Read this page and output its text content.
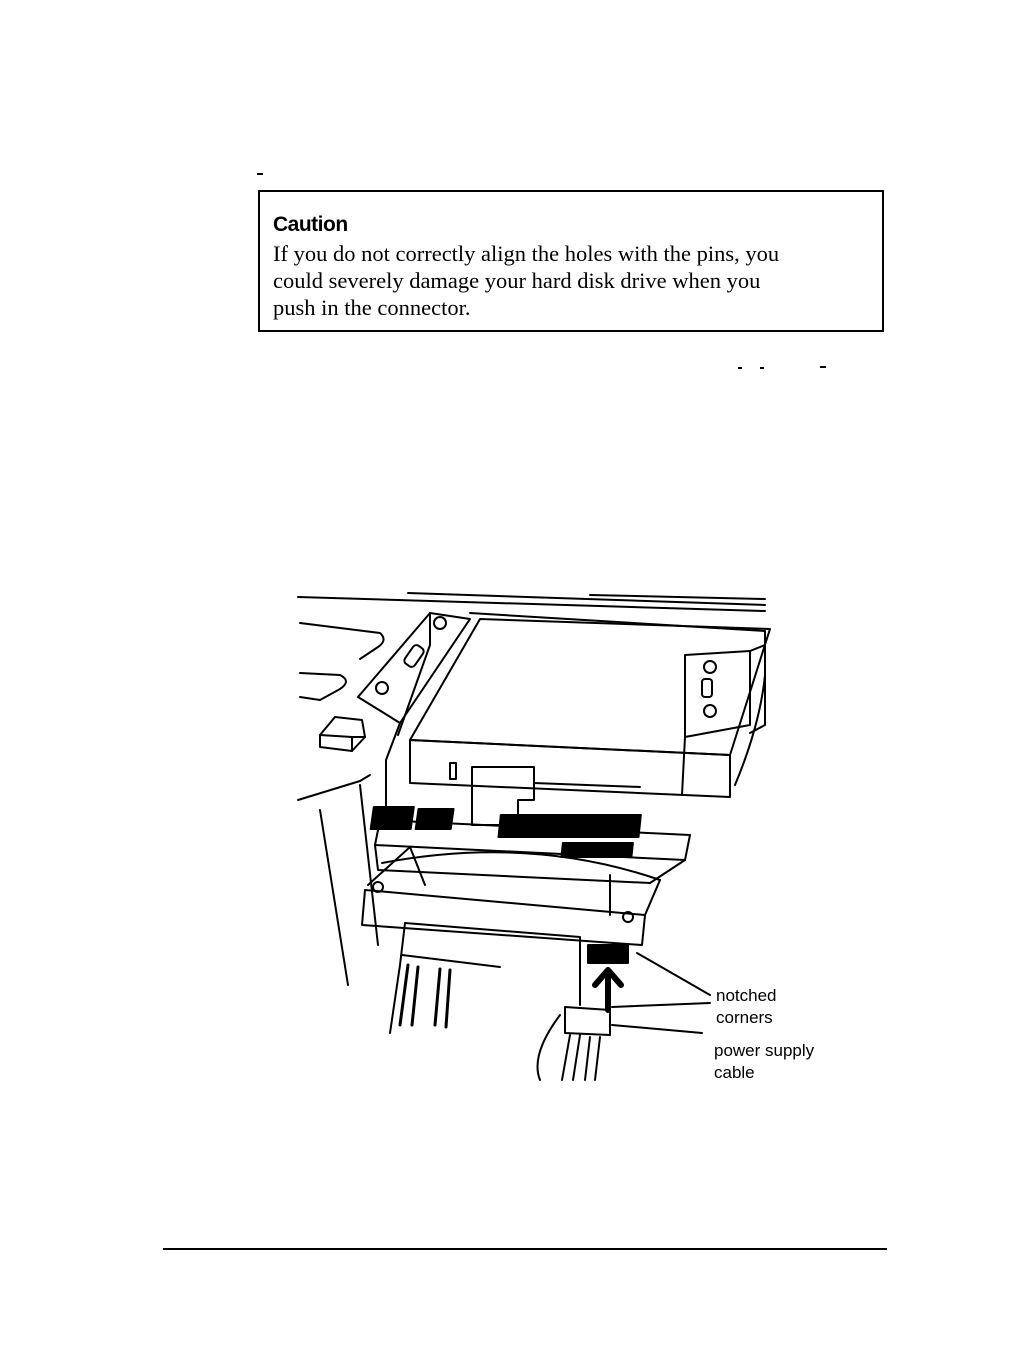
Caution

If you do not correctly align the holes with the pins, you
could severely damage your hard disk drive when you
push in the connector.

notched
corners
power supply
cable
